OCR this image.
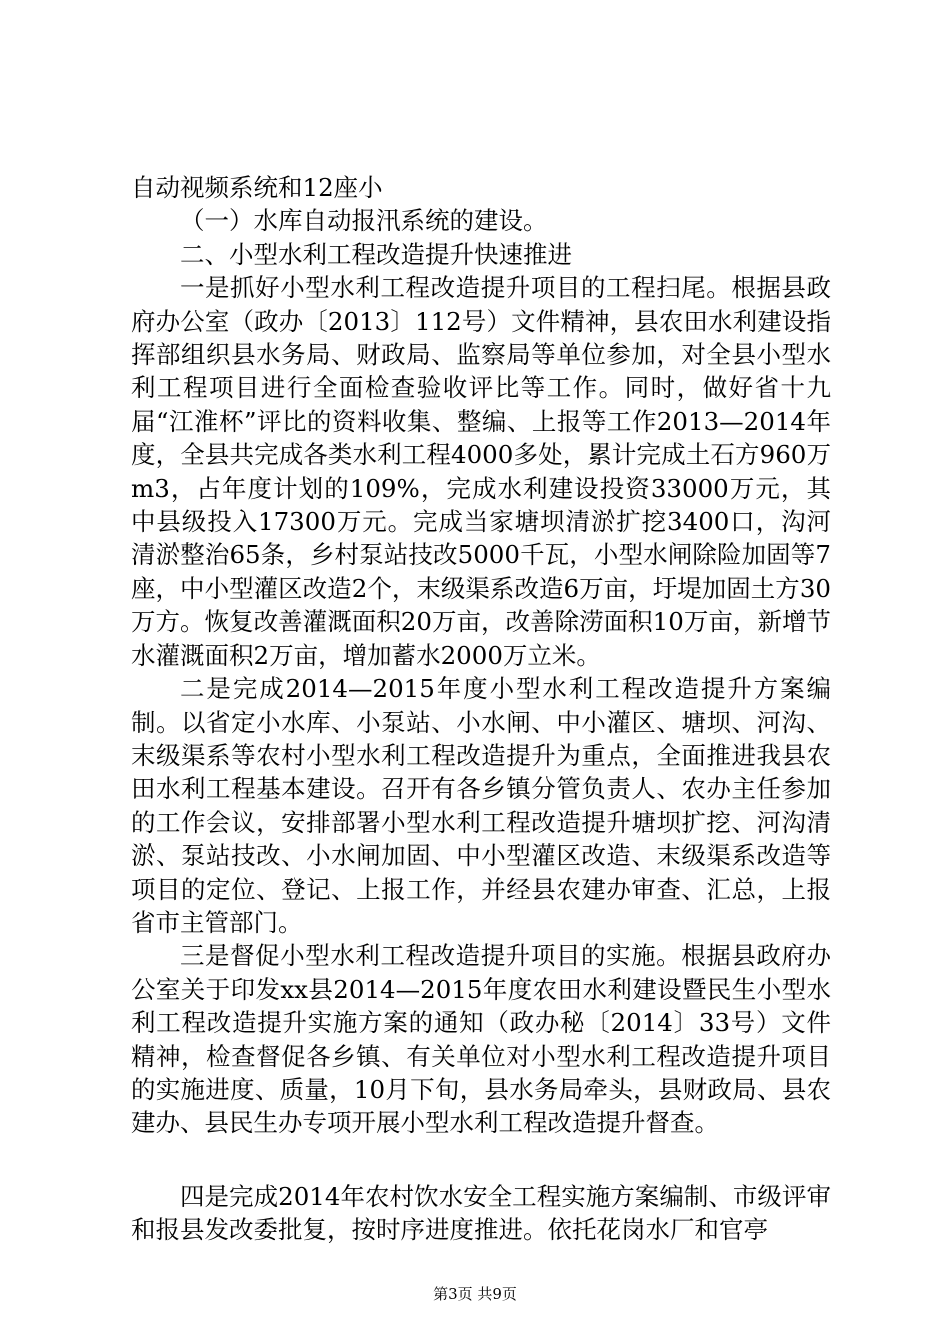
自动视频系统和12座小

（一）水库自动报汛系统的建设。

二、小型水利工程改造提升快速推进

一是抓好小型水利工程改造提升项目的工程扫尾。根据县政府办公室（政办〔2013〕112号）文件精神，县农田水利建设指挥部组织县水务局、财政局、监察局等单位参加，对全县小型水利工程项目进行全面检查验收评比等工作。同时，做好省十九届“江淮杯”评比的资料收集、整编、上报等工作2013—2014年度，全县共完成各类水利工程4000多处，累计完成土石方960万m3，占年度计划的109%，完成水利建设投资33000万元，其中县级投入17300万元。完成当家塘坝清淤扩挖3400口，沟河清淤整治65条，乡村泵站技改5000千瓦，小型水闸除险加固等7座，中小型灌区改造2个，末级渠系改造6万亩，圩堤加固土方30万方。恢复改善灌溉面积20万亩，改善除涝面积10万亩，新增节水灌溉面积2万亩，增加蓄水2000万立米。

二是完成2014—2015年度小型水利工程改造提升方案编制。以省定小水库、小泵站、小水闸、中小灌区、塘坝、河沟、末级渠系等农村小型水利工程改造提升为重点，全面推进我县农田水利工程基本建设。召开有各乡镇分管负责人、农办主任参加的工作会议，安排部署小型水利工程改造提升塘坝扩挖、河沟清淤、泵站技改、小水闸加固、中小型灌区改造、末级渠系改造等项目的定位、登记、上报工作，并经县农建办审查、汇总，上报省市主管部门。

三是督促小型水利工程改造提升项目的实施。根据县政府办公室关于印发xx县2014—2015年度农田水利建设暨民生小型水利工程改造提升实施方案的通知（政办秘〔2014〕33号）文件精神，检查督促各乡镇、有关单位对小型水利工程改造提升项目的实施进度、质量，10月下旬，县水务局牵头，县财政局、县农建办、县民生办专项开展小型水利工程改造提升督查。

四是完成2014年农村饮水安全工程实施方案编制、市级评审和报县发改委批复，按时序进度推进。依托花岗水厂和官亭

第3页 共9页
